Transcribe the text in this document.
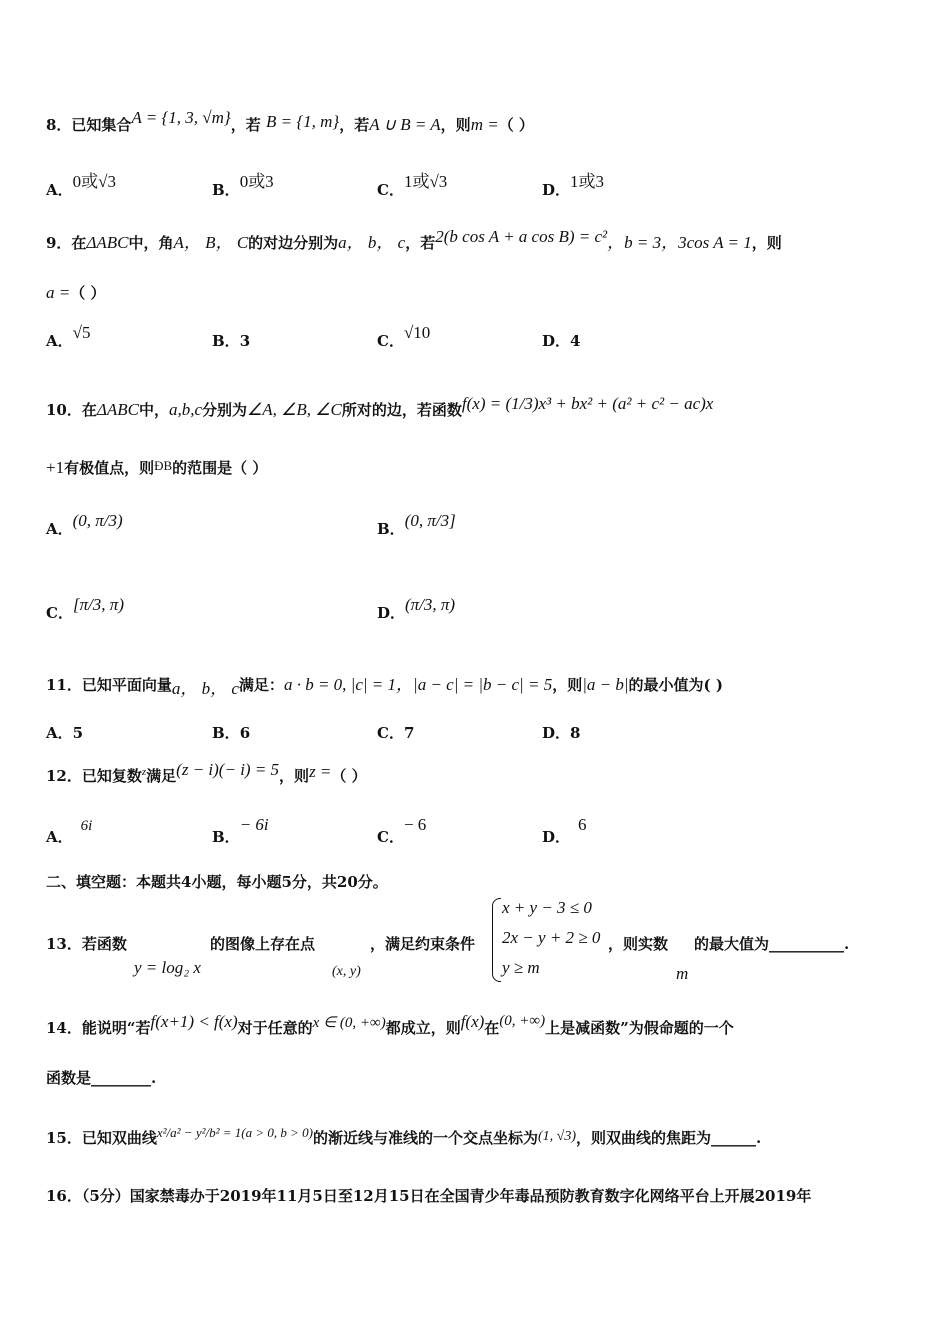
8．已知集合A = {1, 3, √m}，若 B = {1, m}，若A ∪ B = A，则m =（ ）
A．0或√3	B．0或3	C．1或√3	D．1或3
9．在ΔABC中，角A， B， C的对边分别为a， b， c，若2(b cos A + a cos B) = c²，b = 3，3cos A = 1，则
a =（ ）
A．√5	B．3	C．√10	D．4
10．在ΔABC中，a,b,c分别为∠A, ∠B, ∠C所对的边，若函数f(x) = (1/3)x³ + bx² + (a² + c² − ac)x
+1有极值点，则ÐB的范围是（ ）
A．(0, π/3)	B．(0, π/3]
C．[π/3, π)	D．(π/3, π)
11．已知平面向量a， b， c满足：a · b = 0, |c| = 1，|a − c| = |b − c| = 5，则|a − b|的最小值为( )
A．5	B．6	C．7	D．8
12．已知复数$^z$满足(z − i)(− i) = 5，则z =（ ）
A．6i
B．− 6i
C．− 6
D．6
二、填空题：本题共4小题，每小题5分，共20分。
13．若函数
y = log₂ x
的图像上存在点
(x, y)
，满足约束条件
x + y − 3 ≤ 0
2x − y + 2 ≥ 0
y ≥ m
，则实数
m
的最大值为__________.
14．能说明“若f(x+1) < f(x)对于任意的x ∈ (0, +∞)都成立，则f(x)在(0, +∞)上是减函数”为假命题的一个
函数是________.
15．已知双曲线x²/a² − y²/b² = 1(a > 0, b > 0)的渐近线与准线的一个交点坐标为(1, √3)，则双曲线的焦距为______.
16．（5分）国家禁毒办于2019年11月5日至12月15日在全国青少年毒品预防教育数字化网络平台上开展2019年
